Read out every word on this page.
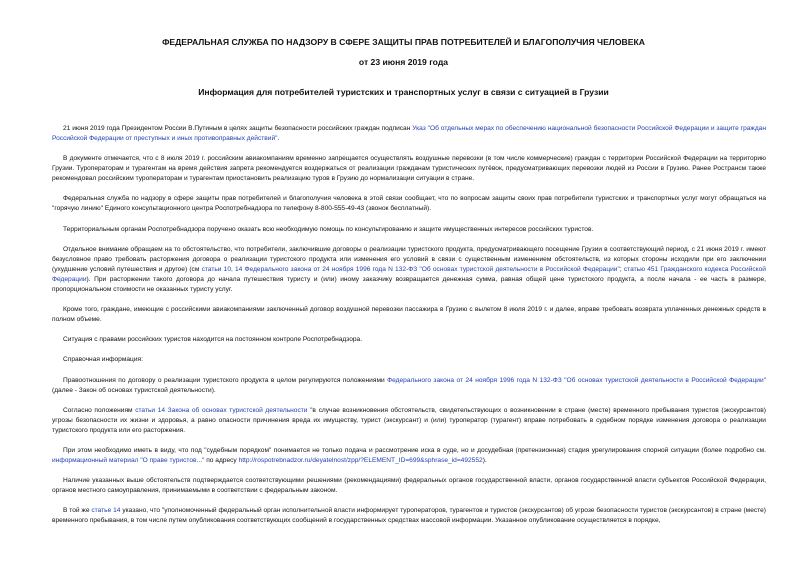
ФЕДЕРАЛЬНАЯ СЛУЖБА ПО НАДЗОРУ В СФЕРЕ ЗАЩИТЫ ПРАВ ПОТРЕБИТЕЛЕЙ И БЛАГОПОЛУЧИЯ ЧЕЛОВЕКА
от 23 июня 2019 года
Информация для потребителей туристских и транспортных услуг в связи с ситуацией в Грузии

21 июня 2019 года Президентом России В.Путиным в целях защиты безопасности российских граждан подписан Указ "Об отдельных мерах по обеспечению национальной безопасности Российской Федерации и защите граждан Российской Федерации от преступных и иных противоправных действий".

В документе отмечается, что с 8 июля 2019 г. российским авиакомпаниям временно запрещается осуществлять воздушные перевозки (в том числе коммерческие) граждан с территории Российской Федерации на территорию Грузии. Туроператорам и турагентам на время действия запрета рекомендуется воздержаться от реализации гражданам туристических путёвок, предусматривающих перевозки людей из России в Грузию. Ранее Ространсм также рекомендовал российским туроператорам и турагентам приостановить реализацию туров в Грузию до нормализации ситуации в стране.

Федеральная служба по надзору в сфере защиты прав потребителей и благополучия человека в этой связи сообщает, что по вопросам защиты своих прав потребители туристских и транспортных услуг могут обращаться на "горячую линию" Единого консультационного центра Роспотребнадзора по телефону 8-800-555-49-43 (звонок бесплатный).

Территориальным органам Роспотребнадзора поручено оказать всю необходимую помощь по консультированию и защите имущественных интересов российских туристов.

Отдельное внимание обращаем на то обстоятельство, что потребители, заключившие договоры о реализации туристского продукта, предусматривающего посещение Грузии в соответствующий период, с 21 июня 2019 г. имеют безусловное право требовать расторжения договора о реализации туристского продукта или изменения его условий в связи с существенным изменением обстоятельств, из которых стороны исходили при его заключении (ухудшение условий путешествия и другое) (см статьи 10, 14 Федерального закона от 24 ноября 1996 года N 132-ФЗ "Об основах туристской деятельности в Российской Федерации"; статью 451 Гражданского кодекса Российской Федерации). При расторжении такого договора до начала путешествия туристу и (или) иному заказчику возвращается денежная сумма, равная общей цене туристского продукта, а после начала - ее часть в размере, пропорциональном стоимости не оказанных туристу услуг.

Кроме того, граждане, имеющие с российскими авиакомпаниями заключенный договор воздушной перевозки пассажира в Грузию с вылетом 8 июля 2019 г. и далее, вправе требовать возврата уплаченных денежных средств в полном объеме.

Ситуация с правами российских туристов находится на постоянном контроле Роспотребнадзора.

Справочная информация:

Правоотношения по договору о реализации туристского продукта в целом регулируются положениями Федерального закона от 24 ноября 1996 года N 132-ФЗ "Об основах туристской деятельности в Российской Федерации" (далее - Закон об основах туристской деятельности).

Согласно положениям статьи 14 Закона об основах туристской деятельности "в случае возникновения обстоятельств, свидетельствующих о возникновении в стране (месте) временного пребывания туристов (экскурсантов) угрозы безопасности их жизни и здоровья, а равно опасности причинения вреда их имуществу, турист (экскурсант) и (или) туроператор (турагент) вправе потребовать в судебном порядке изменения договора о реализации туристского продукта или его расторжения.

При этом необходимо иметь в виду, что под "судебным порядком" понимается не только подача и рассмотрение иска в суде, но и досудебная (претензионная) стадия урегулирования спорной ситуации (более подробно см. информационный материал "О праве туристов..." по адресу http://rospotrebnadzor.ru/deyatelnost/zpp/?ELEMENT_ID=699&sphrase_id=492552).

Наличие указанных выше обстоятельств подтверждается соответствующими решениями (рекомендациями) федеральных органов государственной власти, органов государственной власти субъектов Российской Федерации, органов местного самоуправления, принимаемыми в соответствии с федеральным законом.

В той же статье 14 указано, что "уполномоченный федеральный орган исполнительной власти информирует туроператоров, турагентов и туристов (экскурсантов) об угрозе безопасности туристов (экскурсантов) в стране (месте) временного пребывания, в том числе путем опубликования соответствующих сообщений в государственных средствах массовой информации. Указанное опубликование осуществляется в порядке,
